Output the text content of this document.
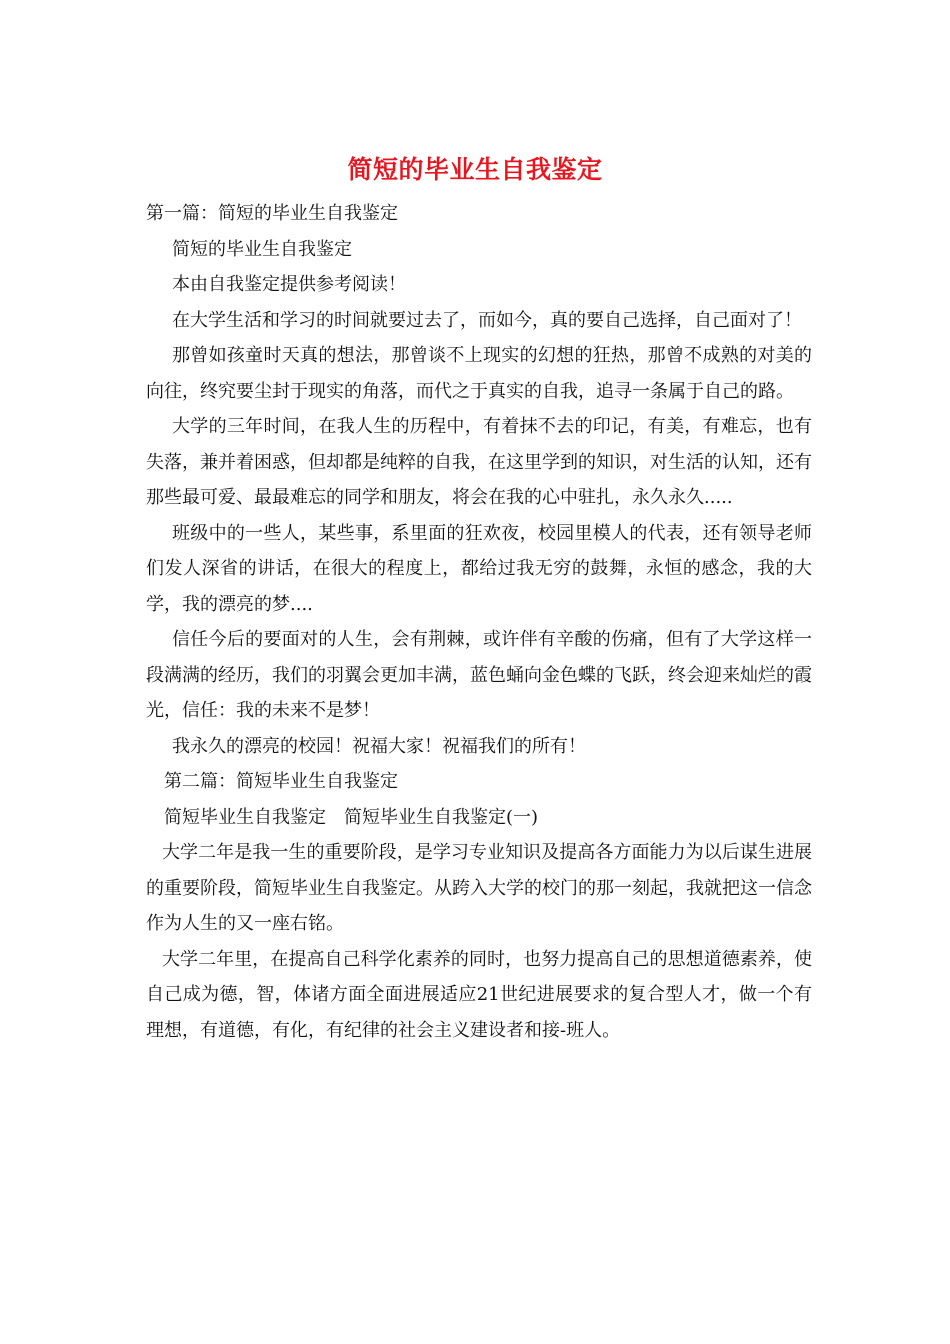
简短的毕业生自我鉴定

第一篇：简短的毕业生自我鉴定

简短的毕业生自我鉴定

本由自我鉴定提供参考阅读！

在大学生活和学习的时间就要过去了，而如今，真的要自己选择，自己面对了！

那曾如孩童时天真的想法，那曾谈不上现实的幻想的狂热，那曾不成熟的对美的向往，终究要尘封于现实的角落，而代之于真实的自我，追寻一条属于自己的路。

大学的三年时间，在我人生的历程中，有着抹不去的印记，有美，有难忘，也有失落，兼并着困惑，但却都是纯粹的自我，在这里学到的知识，对生活的认知，还有那些最可爱、最最难忘的同学和朋友，将会在我的心中驻扎，永久永久.....

班级中的一些人，某些事，系里面的狂欢夜，校园里模人的代表，还有领导老师们发人深省的讲话，在很大的程度上，都给过我无穷的鼓舞，永恒的感念，我的大学，我的漂亮的梦....

信任今后的要面对的人生，会有荆棘，或许伴有辛酸的伤痛，但有了大学这样一段满满的经历，我们的羽翼会更加丰满，蓝色蛹向金色蝶的飞跃，终会迎来灿烂的霞光，信任：我的未来不是梦！

我永久的漂亮的校园！祝福大家！祝福我们的所有！

第二篇：简短毕业生自我鉴定

简短毕业生自我鉴定　简短毕业生自我鉴定(一)

大学二年是我一生的重要阶段，是学习专业知识及提高各方面能力为以后谋生进展的重要阶段，简短毕业生自我鉴定。从跨入大学的校门的那一刻起，我就把这一信念作为人生的又一座右铭。

大学二年里，在提高自己科学化素养的同时，也努力提高自己的思想道德素养，使自己成为德，智，体诸方面全面进展适应21世纪进展要求的复合型人才，做一个有理想，有道德，有化，有纪律的社会主义建设者和接-班人。
